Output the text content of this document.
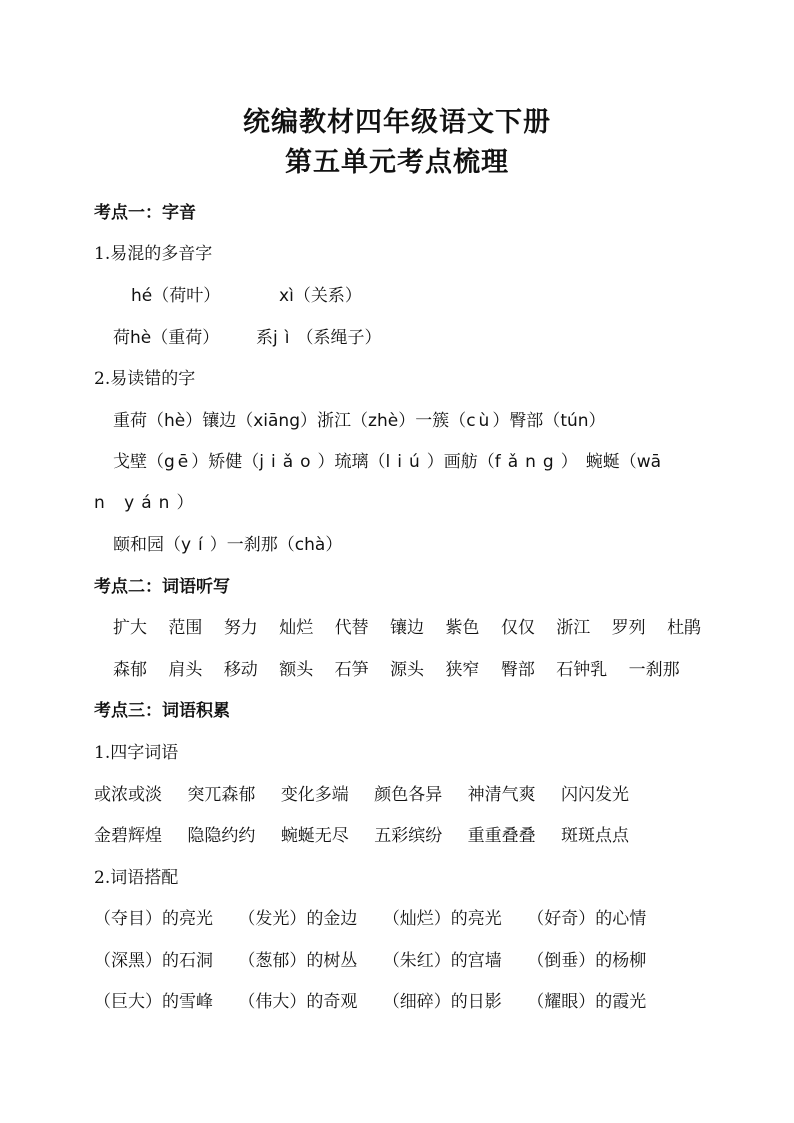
统编教材四年级语文下册
第五单元考点梳理
考点一：字音
1.易混的多音字
hé（荷叶）	xì（关系）
荷hè（重荷） 系jì（系绳子）
2.易读错的字
重荷（hè）镶边（xiāng）浙江（zhè）一簇（cù）臀部（tún）
戈壁（gē）矫健（jiǎo）琉璃（liú）画舫（fǎng） 蜿蜒（wā
n yán）
颐和园（yí）一刹那（chà）
考点二：词语听写
扩大 范围 努力 灿烂 代替 镶边 紫色 仅仅 浙江 罗列 杜鹃
森郁 肩头 移动 额头 石笋 源头 狭窄 臀部 石钟乳 一刹那
考点三：词语积累
1.四字词语
或浓或淡 突兀森郁 变化多端 颜色各异 神清气爽 闪闪发光
金碧辉煌 隐隐约约 蜿蜒无尽 五彩缤纷 重重叠叠 斑斑点点
2.词语搭配
（夺目）的亮光 （发光）的金边 （灿烂）的亮光 （好奇）的心情
（深黑）的石洞 （葱郁）的树丛 （朱红）的宫墙 （倒垂）的杨柳
（巨大）的雪峰 （伟大）的奇观 （细碎）的日影 （耀眼）的霞光
